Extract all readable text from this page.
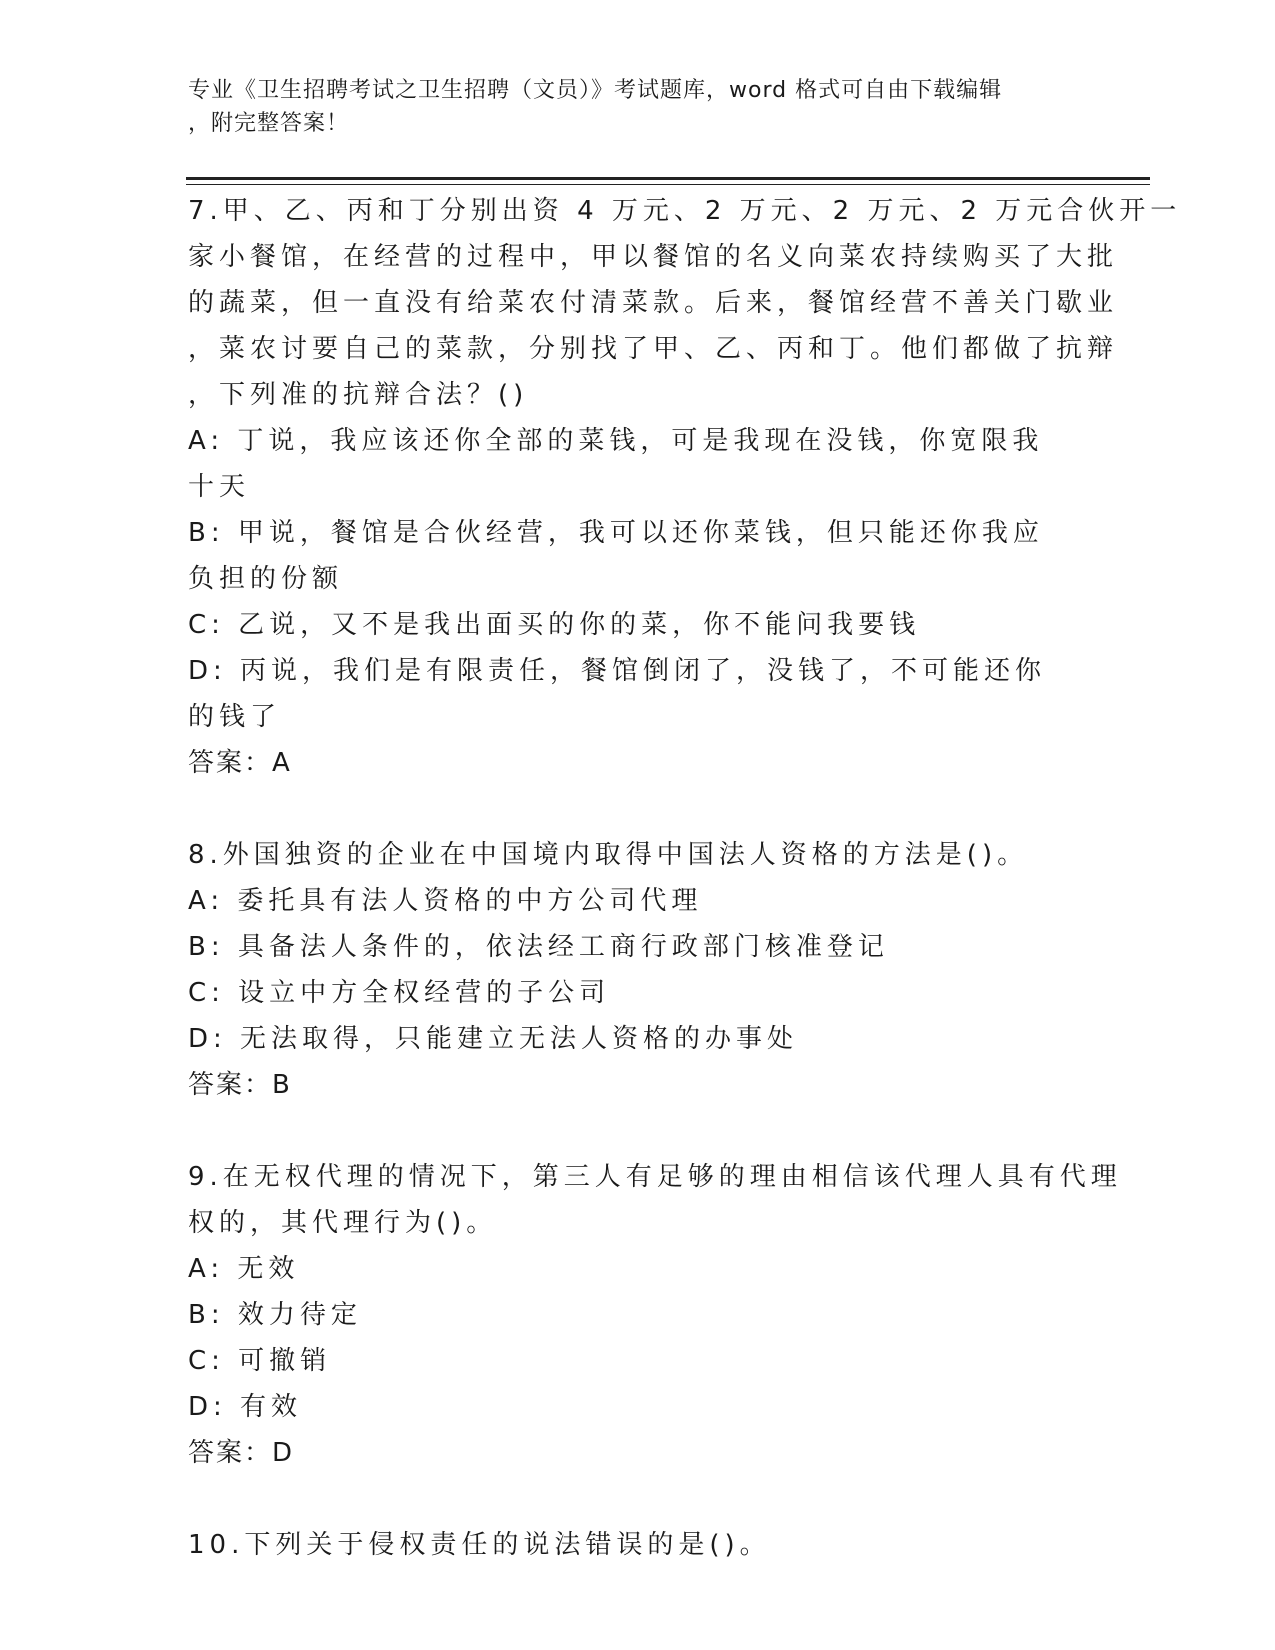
专业《卫生招聘考试之卫生招聘（文员）》考试题库，word 格式可自由下载编辑
，附完整答案！
7.甲、乙、丙和丁分别出资 4 万元、2 万元、2 万元、2 万元合伙开一
家小餐馆，在经营的过程中，甲以餐馆的名义向菜农持续购买了大批
的蔬菜，但一直没有给菜农付清菜款。后来，餐馆经营不善关门歇业
，菜农讨要自己的菜款，分别找了甲、乙、丙和丁。他们都做了抗辩
，下列准的抗辩合法？()
A: 丁说，我应该还你全部的菜钱，可是我现在没钱，你宽限我十天
B: 甲说，餐馆是合伙经营，我可以还你菜钱，但只能还你我应负担的份额
C: 乙说，又不是我出面买的你的菜，你不能问我要钱
D: 丙说，我们是有限责任，餐馆倒闭了，没钱了，不可能还你的钱了
答案：A
8.外国独资的企业在中国境内取得中国法人资格的方法是()。
A: 委托具有法人资格的中方公司代理
B: 具备法人条件的，依法经工商行政部门核准登记
C: 设立中方全权经营的子公司
D: 无法取得，只能建立无法人资格的办事处
答案：B
9.在无权代理的情况下，第三人有足够的理由相信该代理人具有代理
权的，其代理行为()。
A: 无效
B: 效力待定
C: 可撤销
D: 有效
答案：D
10.下列关于侵权责任的说法错误的是()。
